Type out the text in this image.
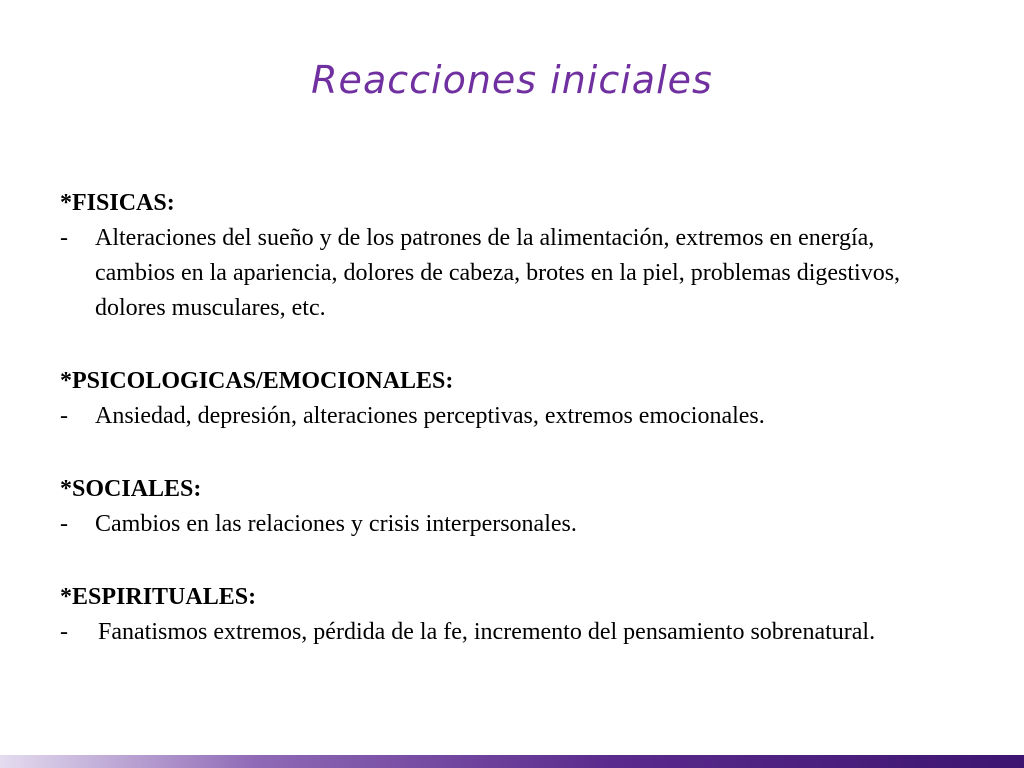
Reacciones iniciales

*FISICAS:

- Alteraciones del sueño y de los patrones de la alimentación, extremos en energía, cambios en la apariencia, dolores de cabeza, brotes en la piel, problemas digestivos, dolores musculares, etc.

*PSICOLOGICAS/EMOCIONALES:

- Ansiedad, depresión, alteraciones perceptivas, extremos emocionales.

*SOCIALES:

- Cambios en las relaciones y crisis interpersonales.

*ESPIRITUALES:

- Fanatismos extremos, pérdida de la fe, incremento del pensamiento sobrenatural.
